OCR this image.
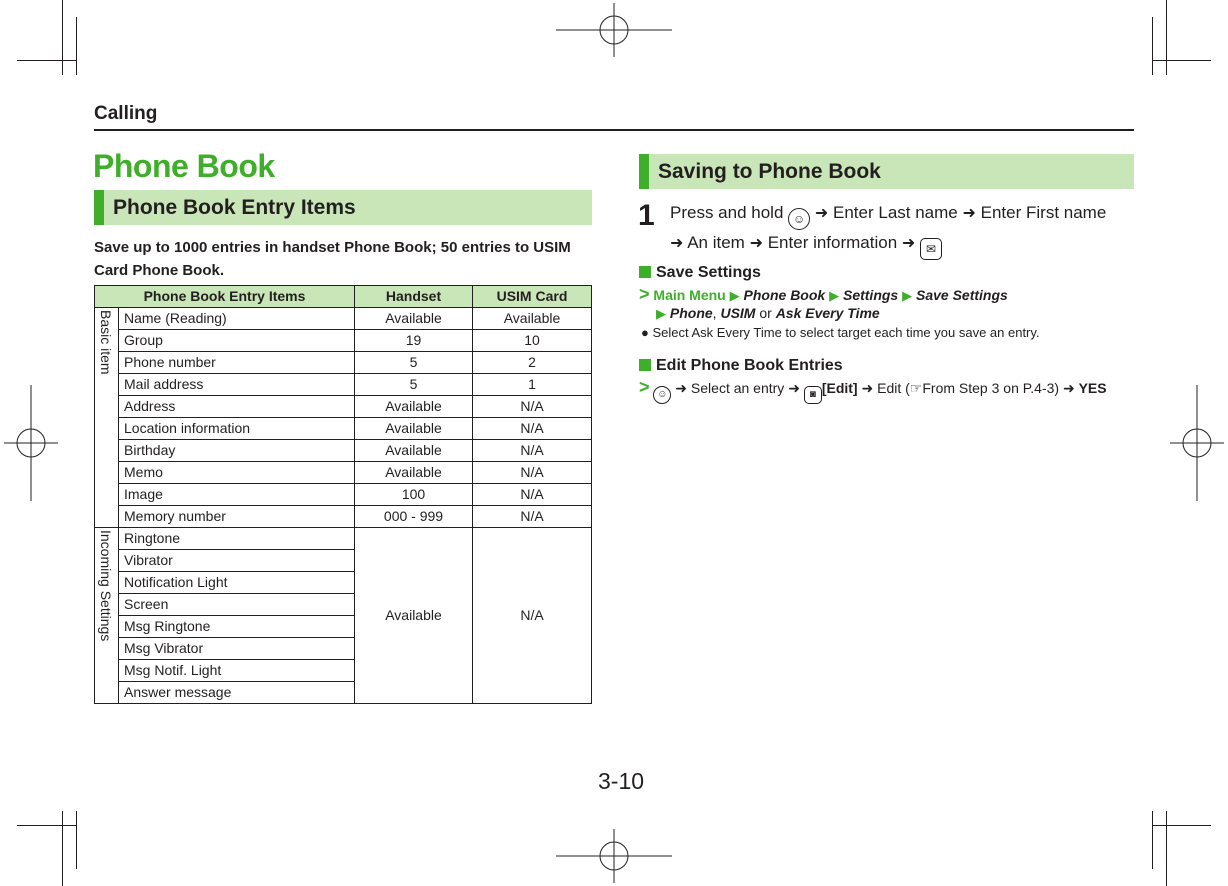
Calling
Phone Book
Phone Book Entry Items
Save up to 1000 entries in handset Phone Book; 50 entries to USIM Card Phone Book.
Phone Book Entry Items		Handset	USIM Card

Basic item	Name (Reading)	Available	Available
	Group	19	10
	Phone number	5	2
	Mail address	5	1
	Address	Available	N/A
	Location information	Available	N/A
	Birthday	Available	N/A
	Memo	Available	N/A
	Image	100	N/A
	Memory number	000 - 999	N/A

Incoming Settings	Ringtone	Available	N/A
	Vibrator		
	Notification Light		
	Screen		
	Msg Ringtone		
	Msg Vibrator		
	Msg Notif. Light		
	Answer message		
Saving to Phone Book
1 Press and hold ☺ ➜ Enter Last name ➜ Enter First name
➜ An item ➜ Enter information ➜ ✉
Save Settings
> Main Menu ▶ Phone Book ▶ Settings ▶ Save Settings
▶ Phone, USIM or Ask Every Time
● Select Ask Every Time to select target each time you save an entry.
Edit Phone Book Entries
> ☺ ➜ Select an entry ➜ ◙ [Edit] ➜ Edit (☞From Step 3 on P.4-3) ➜ YES
3-10
